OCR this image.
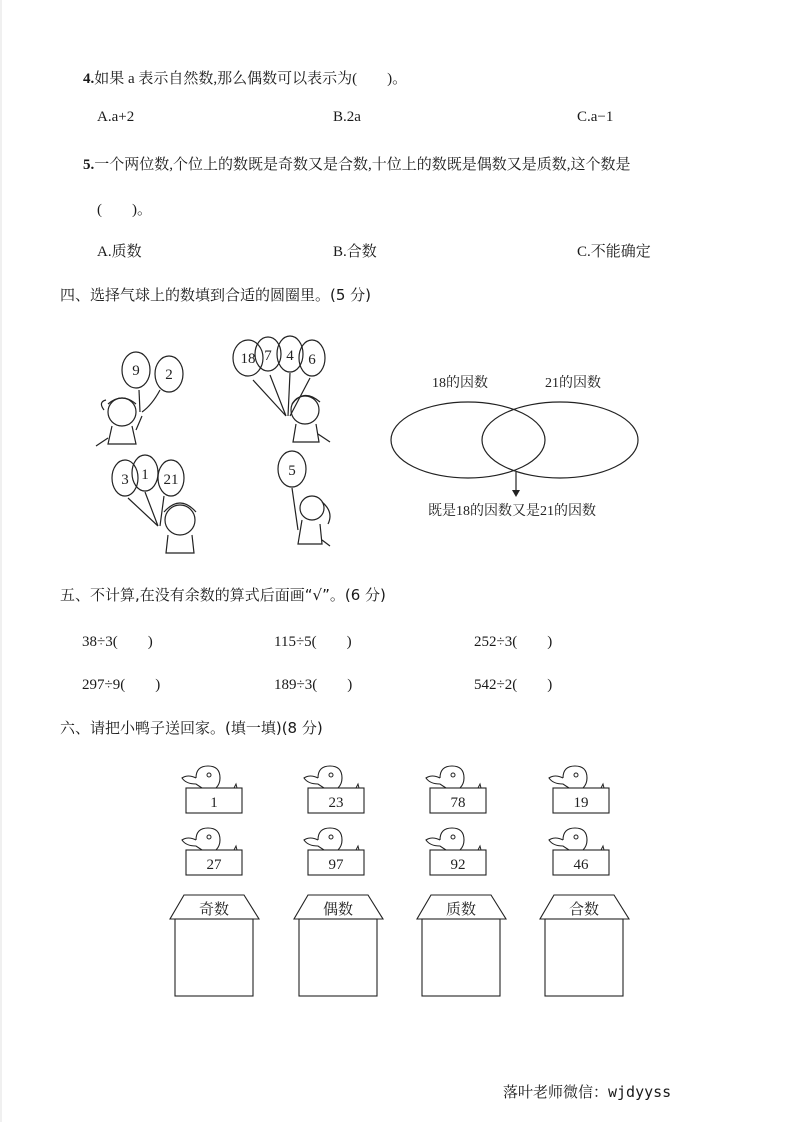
4.如果 a 表示自然数,那么偶数可以表示为(　　)。
A.a+2	B.2a	C.a−1
5.一个两位数,个位上的数既是奇数又是合数,十位上的数既是偶数又是质数,这个数是
(　　)。
A.质数	B.合数	C.不能确定
四、选择气球上的数填到合适的圆圈里。(5 分)
9 2
18 7 4 6
3 1 21
5
18的因数	21的因数
既是18的因数又是21的因数
五、不计算,在没有余数的算式后面画“√”。(6 分)
38÷3(　　)	115÷5(　　)	252÷3(　　)
297÷9(　　)	189÷3(　　)	542÷2(　　)
六、请把小鸭子送回家。(填一填)(8 分)
1	23	78	19
27	97	92	46
奇数	偶数	质数	合数
落叶老师微信：wjdyyss
